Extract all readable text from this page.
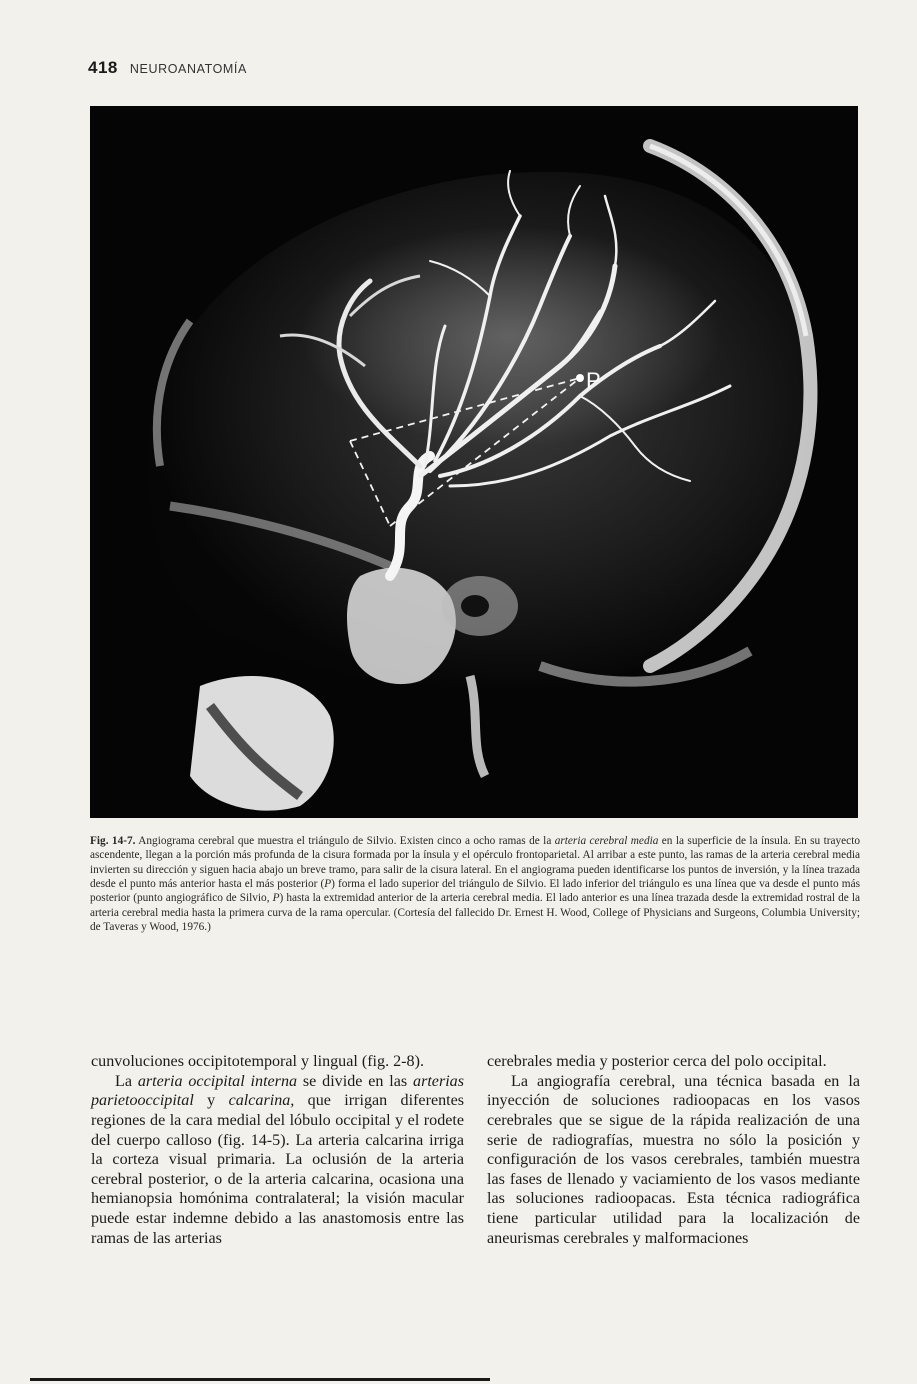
418 NEUROANATOMÍA
P
Fig. 14-7. Angiograma cerebral que muestra el triángulo de Silvio. Existen cinco a ocho ramas de la arteria cerebral media en la superficie de la ínsula. En su trayecto ascendente, llegan a la porción más profunda de la cisura formada por la ínsula y el opérculo frontoparietal. Al arribar a este punto, las ramas de la arteria cerebral media invierten su dirección y siguen hacia abajo un breve tramo, para salir de la cisura lateral. En el angiograma pueden identificarse los puntos de inversión, y la línea trazada desde el punto más anterior hasta el más posterior (P) forma el lado superior del triángulo de Silvio. El lado inferior del triángulo es una línea que va desde el punto más posterior (punto angiográfico de Silvio, P) hasta la extremidad anterior de la arteria cerebral media. El lado anterior es una línea trazada desde la extremidad rostral de la arteria cerebral media hasta la primera curva de la rama opercular. (Cortesía del fallecido Dr. Ernest H. Wood, College of Physicians and Surgeons, Columbia University; de Taveras y Wood, 1976.)

cunvoluciones occipitotemporal y lingual (fig. 2-8).

La arteria occipital interna se divide en las arterias parietooccipital y calcarina, que irrigan diferentes regiones de la cara medial del lóbulo occipital y el rodete del cuerpo calloso (fig. 14-5). La arteria calcarina irriga la corteza visual primaria. La oclusión de la arteria cerebral posterior, o de la arteria calcarina, ocasiona una hemianopsia homónima contralateral; la visión macular puede estar indemne debido a las anastomosis entre las ramas de las arterias

cerebrales media y posterior cerca del polo occipital.

La angiografía cerebral, una técnica basada en la inyección de soluciones radioopacas en los vasos cerebrales que se sigue de la rápida realización de una serie de radiografías, muestra no sólo la posición y configuración de los vasos cerebrales, también muestra las fases de llenado y vaciamiento de los vasos mediante las soluciones radioopacas. Esta técnica radiográfica tiene particular utilidad para la localización de aneurismas cerebrales y malformaciones
